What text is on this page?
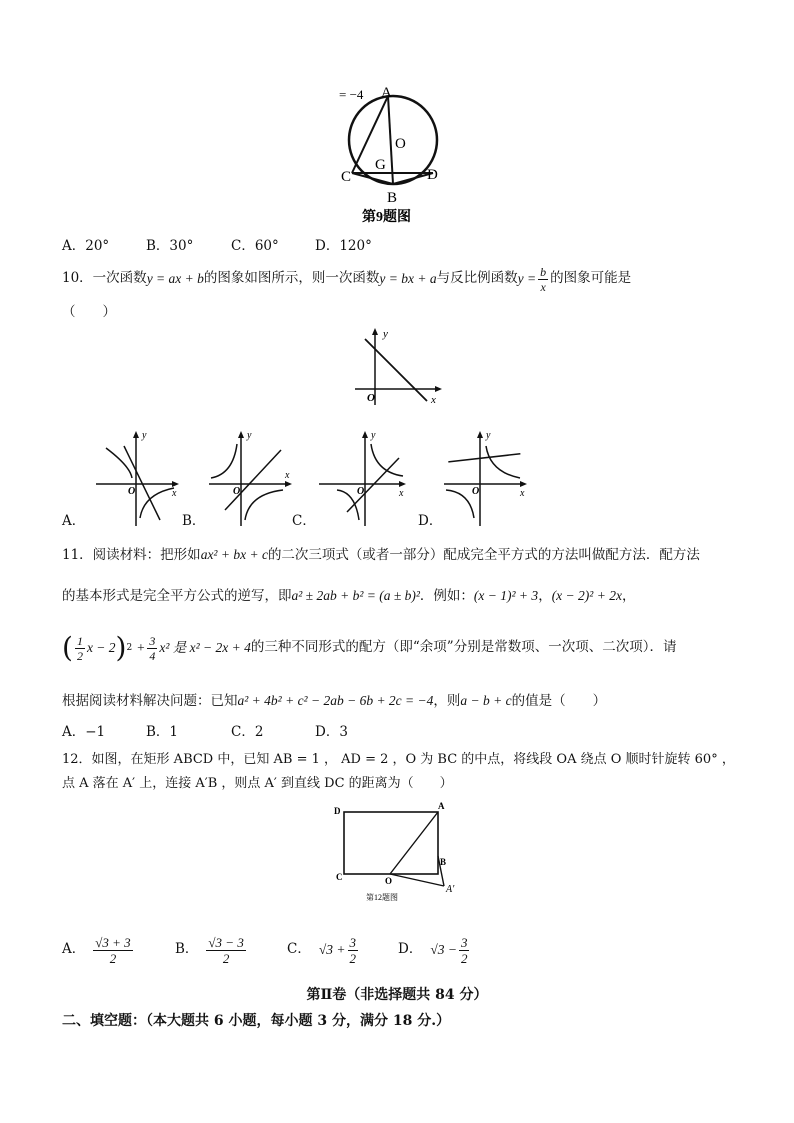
= −4 A
O
G
C	D
B
第9题图
A．20°	B．30°	C．60°	D．120°
10．一次函数 y = ax + b 的图象如图所示，则一次函数 y = bx + a 与反比例函数 $y = \frac{b}{x}$ 的图象可能是
（　　）
y
x
O
y
x
O
y
x
O
y
x
O
y
x
O
A．	B．	C．	D．
11．阅读材料：把形如ax² + bx + c的二次三项式（或者一部分）配成完全平方式的方法叫做配方法．配方法
的基本形式是完全平方公式的逆写，即a² ± 2ab + b² = (a ± b)²．例如：(x − 1)² + 3，(x − 2)² + 2x，
( $\frac{1}{2}$ x − 2 ) $2 + \frac{3}{4} x^2$ 是 x² − 2x + 4 的三种不同形式的配方（即“余项”分别是常数项、一次项、二次项）．请
根据阅读材料解决问题：已知a² + 4b² + c² − 2ab − 6b + 2c = −4，则a − b + c的值是（　　）
A．−1	B．1	C．2	D．3
12．如图，在矩形 ABCD 中，已知 AB = 1 ， AD = 2 ，O 为 BC 的中点，将线段 OA 绕点 O 顺时针旋转 60° ，
点 A 落在 A′ 上，连接 A′B ，则点 A′ 到直线 DC 的距离为（　　）
D	A
B
C	O
A′
第12题图
A． $\frac{√3 + 3}{2}$	B． $\frac{√3 - 3}{2}$	C． $√3 + \frac{3}{2}$	D． $√3 - \frac{3}{2}$
第Ⅱ卷（非选择题共 84 分）
二、填空题：（本大题共 6 小题，每小题 3 分，满分 18 分.）
